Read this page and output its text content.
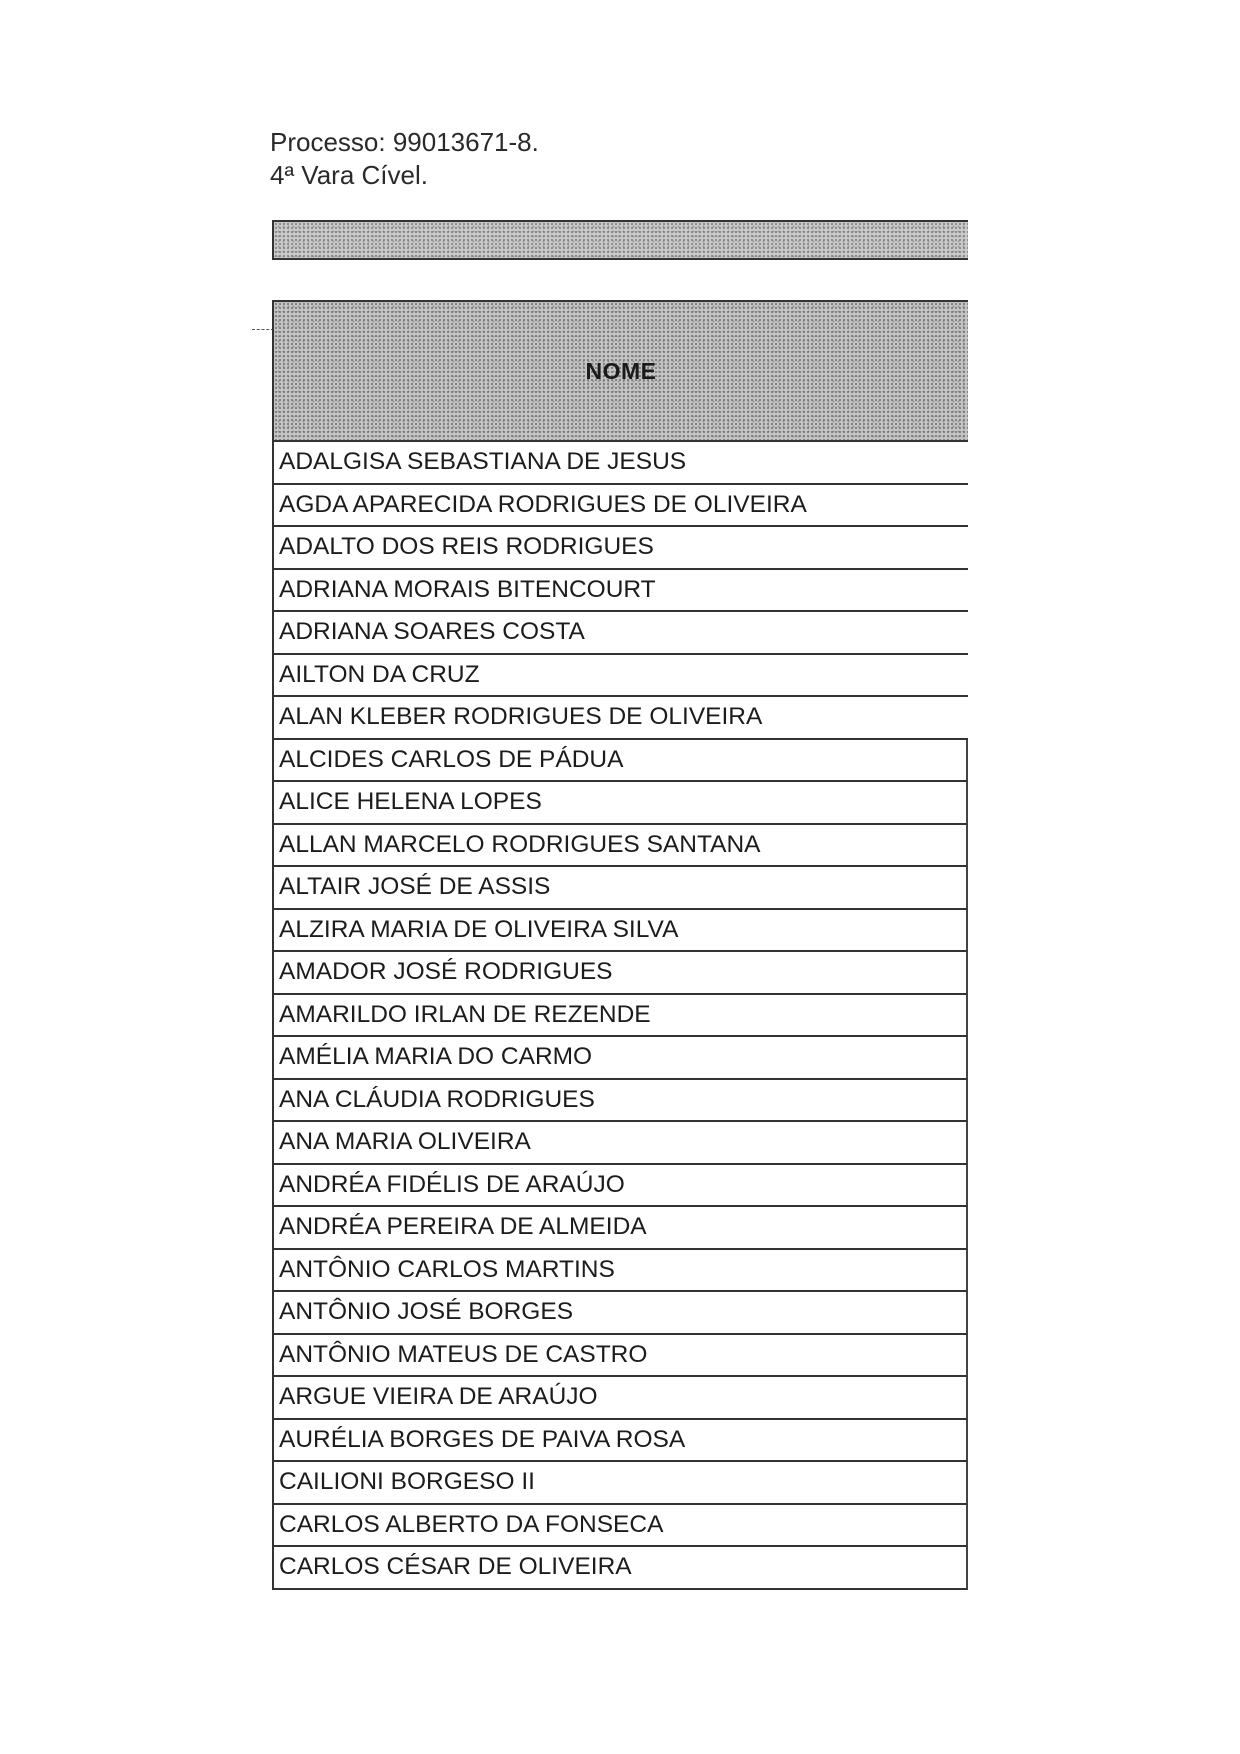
Processo: 99013671-8.
4ª Vara Cível.
NOME
ADALGISA SEBASTIANA DE JESUS
AGDA APARECIDA RODRIGUES DE OLIVEIRA
ADALTO DOS REIS RODRIGUES
ADRIANA MORAIS BITENCOURT
ADRIANA SOARES COSTA
AILTON DA CRUZ
ALAN KLEBER RODRIGUES DE OLIVEIRA
ALCIDES CARLOS DE PÁDUA
ALICE HELENA LOPES
ALLAN MARCELO RODRIGUES SANTANA
ALTAIR JOSÉ DE ASSIS
ALZIRA MARIA DE OLIVEIRA SILVA
AMADOR JOSÉ RODRIGUES
AMARILDO IRLAN DE REZENDE
AMÉLIA MARIA DO CARMO
ANA CLÁUDIA RODRIGUES
ANA MARIA OLIVEIRA
ANDRÉA FIDÉLIS DE ARAÚJO
ANDRÉA PEREIRA DE ALMEIDA
ANTÔNIO CARLOS MARTINS
ANTÔNIO JOSÉ BORGES
ANTÔNIO MATEUS DE CASTRO
ARGUE VIEIRA DE ARAÚJO
AURÉLIA BORGES DE PAIVA ROSA
CAILIONI BORGESO II
CARLOS ALBERTO DA FONSECA
CARLOS CÉSAR DE OLIVEIRA
